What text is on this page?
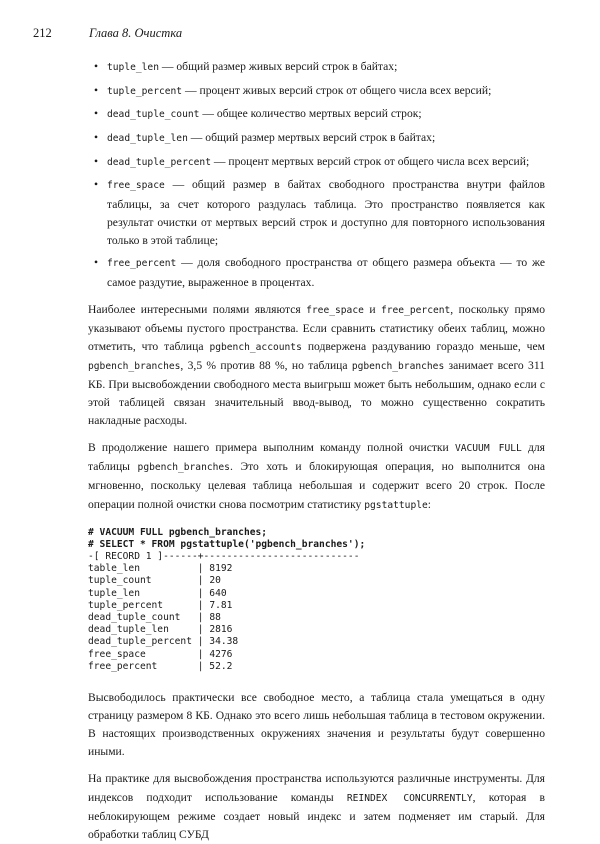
212	Глава 8. Очистка
• tuple_len — общий размер живых версий строк в байтах;
• tuple_percent — процент живых версий строк от общего числа всех версий;
• dead_tuple_count — общее количество мертвых версий строк;
• dead_tuple_len — общий размер мертвых версий строк в байтах;
• dead_tuple_percent — процент мертвых версий строк от общего числа всех версий;
• free_space — общий размер в байтах свободного пространства внутри файлов таблицы, за счет которого раздулась таблица. Это пространство появляется как результат очистки от мертвых версий строк и доступно для повторного использования только в этой таблице;
• free_percent — доля свободного пространства от общего размера объекта — то же самое раздутие, выраженное в процентах.

Наиболее интересными полями являются free_space и free_percent, поскольку прямо указывают объемы пустого пространства. Если сравнить статистику обеих таблиц, можно отметить, что таблица pgbench_accounts подвержена раздуванию гораздо меньше, чем pgbench_branches, 3,5 % против 88 %, но таблица pgbench_branches занимает всего 311 КБ. При высвобождении свободного места выигрыш может быть небольшим, однако если с этой таблицей связан значительный ввод-вывод, то можно существенно сократить накладные расходы.

В продолжение нашего примера выполним команду полной очистки VACUUM FULL для таблицы pgbench_branches. Это хоть и блокирующая операция, но выполнится она мгновенно, поскольку целевая таблица небольшая и содержит всего 20 строк. После операции полной очистки снова посмотрим статистику pgstattuple:

# VACUUM FULL pgbench_branches;
# SELECT * FROM pgstattuple('pgbench_branches');
-[ RECORD 1 ]------+---------------------------
table_len          | 8192
tuple_count        | 20
tuple_len          | 640
tuple_percent      | 7.81
dead_tuple_count   | 88
dead_tuple_len     | 2816
dead_tuple_percent | 34.38
free_space         | 4276
free_percent       | 52.2

Высвободилось практически все свободное место, а таблица стала умещаться в одну страницу размером 8 КБ. Однако это всего лишь небольшая таблица в тестовом окружении. В настоящих производственных окружениях значения и результаты будут совершенно иными.

На практике для высвобождения пространства используются различные инструменты. Для индексов подходит использование команды REINDEX CONCURRENTLY, которая в неблокирующем режиме создает новый индекс и затем подменяет им старый. Для обработки таблиц СУБД
